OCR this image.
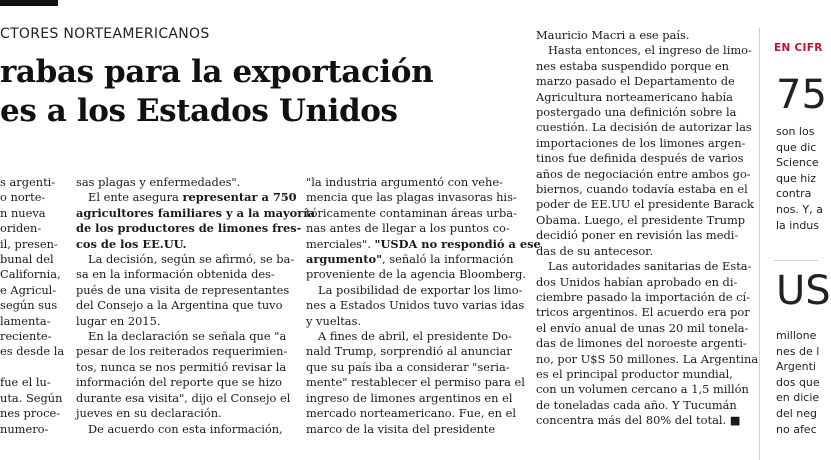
CTORES NORTEAMERICANOS
rabas para la exportación
es a los Estados Unidos
s argenti-
o norte-
n nueva
oriden-
il, presen-
bunal del
California,
e Agricul-
según sus
lamenta-
reciente-
es desde la

fue el lu-
uta. Según
nes proce-
numero-
sas plagas y enfermedades".
El ente asegura representar a 750
agricultores familiares y a la mayoría
de los productores de limones fres-
cos de los EE.UU.
La decisión, según se afirmó, se ba-
sa en la información obtenida des-
pués de una visita de representantes
del Consejo a la Argentina que tuvo
lugar en 2015.
En la declaración se señala que "a
pesar de los reiterados requerimien-
tos, nunca se nos permitió revisar la
información del reporte que se hizo
durante esa visita", dijo el Consejo el
jueves en su declaración.
De acuerdo con esta información,
"la industria argumentó con vehe-
mencia que las plagas invasoras his-
tóricamente contaminan áreas urba-
nas antes de llegar a los puntos co-
merciales". "USDA no respondió a ese
argumento", señaló la información
proveniente de la agencia Bloomberg.
La posibilidad de exportar los limo-
nes a Estados Unidos tuvo varias idas
y vueltas.
A fines de abril, el presidente Do-
nald Trump, sorprendió al anunciar
que su país iba a considerar "seria-
mente" restablecer el permiso para el
ingreso de limones argentinos en el
mercado norteamericano. Fue, en el
marco de la visita del presidente
Mauricio Macri a ese país.
Hasta entonces, el ingreso de limo-
nes estaba suspendido porque en
marzo pasado el Departamento de
Agricultura norteamericano había
postergado una definición sobre la
cuestión. La decisión de autorizar las
importaciones de los limones argen-
tinos fue definida después de varios
años de negociación entre ambos go-
biernos, cuando todavía estaba en el
poder de EE.UU el presidente Barack
Obama. Luego, el presidente Trump
decidió poner en revisión las medi-
das de su antecesor.
Las autoridades sanitarias de Esta-
dos Unidos habían aprobado en di-
ciembre pasado la importación de cí-
tricos argentinos. El acuerdo era por
el envío anual de unas 20 mil tonela-
das de limones del noroeste argenti-
no, por U$S 50 millones. La Argentina
es el principal productor mundial,
con un volumen cercano a 1,5 millón
de toneladas cada año. Y Tucumán
concentra más del 80% del total. ■
EN CIFR
75
son los
que dic
Science
que hiz
contra
nos. Y, a
la indus
US
millone
nes de l
Argenti
dos que
en dicie
del neg
no afec
